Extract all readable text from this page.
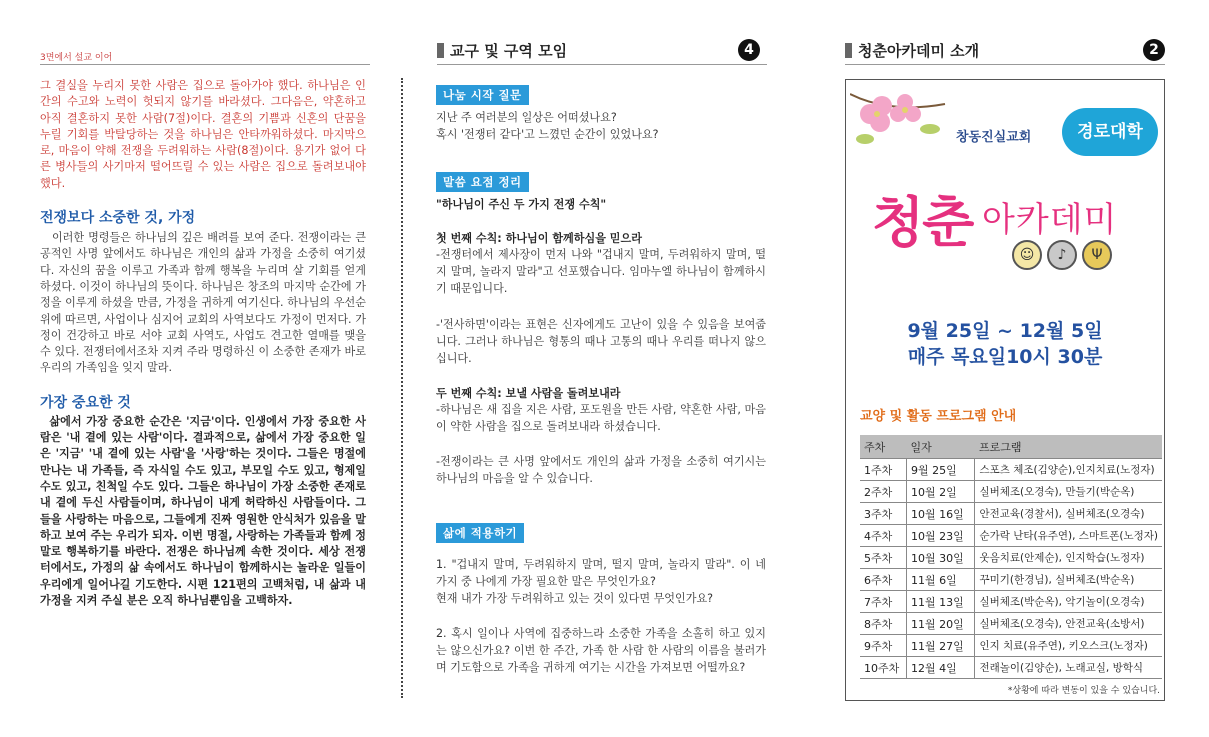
3면에서 설교 이어	교구 및 구역 모임	4	청춘아카데미 소개	2

그 결실을 누리지 못한 사람은 집으로 돌아가야 했다. 하나님은 인간의 수고와 노력이 헛되지 않기를 바라셨다. 그다음은, 약혼하고 아직 결혼하지 못한 사람(7절)이다. 결혼의 기쁨과 신혼의 단꿈을 누릴 기회를 박탈당하는 것을 하나님은 안타까워하셨다. 마지막으로, 마음이 약해 전쟁을 두려워하는 사람(8절)이다. 용기가 없어 다른 병사들의 사기마저 떨어뜨릴 수 있는 사람은 집으로 돌려보내야 했다.

전쟁보다 소중한 것, 가정

이러한 명령들은 하나님의 깊은 배려를 보여 준다. 전쟁이라는 큰 공적인 사명 앞에서도 하나님은 개인의 삶과 가정을 소중히 여기셨다. 자신의 꿈을 이루고 가족과 함께 행복을 누리며 살 기회를 얻게 하셨다. 이것이 하나님의 뜻이다. 하나님은 창조의 마지막 순간에 가정을 이루게 하셨을 만큼, 가정을 귀하게 여기신다. 하나님의 우선순위에 따르면, 사업이나 심지어 교회의 사역보다도 가정이 먼저다. 가정이 건강하고 바로 서야 교회 사역도, 사업도 견고한 열매를 맺을 수 있다. 전쟁터에서조차 지켜 주라 명령하신 이 소중한 존재가 바로 우리의 가족임을 잊지 말라.

가장 중요한 것

삶에서 가장 중요한 순간은 '지금'이다. 인생에서 가장 중요한 사람은 '내 곁에 있는 사람'이다. 결과적으로, 삶에서 가장 중요한 일은 '지금' '내 곁에 있는 사람'을 '사랑'하는 것이다. 그들은 명절에 만나는 내 가족들, 즉 자식일 수도 있고, 부모일 수도 있고, 형제일 수도 있고, 친척일 수도 있다. 그들은 하나님이 가장 소중한 존재로 내 곁에 두신 사람들이며, 하나님이 내게 허락하신 사람들이다. 그들을 사랑하는 마음으로, 그들에게 진짜 영원한 안식처가 있음을 말하고 보여 주는 우리가 되자. 이번 명절, 사랑하는 가족들과 함께 정말로 행복하기를 바란다. 전쟁은 하나님께 속한 것이다. 세상 전쟁터에서도, 가정의 삶 속에서도 하나님이 함께하시는 놀라운 일들이 우리에게 일어나길 기도한다. 시편 121편의 고백처럼, 내 삶과 내 가정을 지켜 주실 분은 오직 하나님뿐임을 고백하자.

나눔 시작 질문

지난 주 여러분의 일상은 어떠셨나요?
혹시 '전쟁터 같다'고 느꼈던 순간이 있었나요?

말씀 요점 정리

"하나님이 주신 두 가지 전쟁 수칙"

첫 번째 수칙: 하나님이 함께하심을 믿으라

-전쟁터에서 제사장이 먼저 나와 "겁내지 말며, 두려워하지 말며, 떨지 말며, 놀라지 말라"고 선포했습니다. 임마누엘 하나님이 함께하시기 때문입니다.

-'전사하면'이라는 표현은 신자에게도 고난이 있을 수 있음을 보여줍니다. 그러나 하나님은 형통의 때나 고통의 때나 우리를 떠나지 않으십니다.

두 번째 수칙: 보낼 사람을 돌려보내라

-하나님은 새 집을 지은 사람, 포도원을 만든 사람, 약혼한 사람, 마음이 약한 사람을 집으로 돌려보내라 하셨습니다.

-전쟁이라는 큰 사명 앞에서도 개인의 삶과 가정을 소중히 여기시는 하나님의 마음을 알 수 있습니다.

삶에 적용하기

1. "겁내지 말며, 두려워하지 말며, 떨지 말며, 놀라지 말라". 이 네 가지 중 나에게 가장 필요한 말은 무엇인가요?
현재 내가 가장 두려워하고 있는 것이 있다면 무엇인가요?

2. 혹시 일이나 사역에 집중하느라 소중한 가족을 소홀히 하고 있지는 않으신가요? 이번 한 주간, 가족 한 사람 한 사람의 이름을 불러가며 기도함으로 가족을 귀하게 여기는 시간을 가져보면 어떨까요?

창동진실교회	경로대학
청춘 아카데미
☺	♪	Ψ
9월 25일 ~ 12월 5일
매주 목요일10시 30분
교양 및 활동 프로그램 안내
주차	일자	프로그램
1주차	9월 25일	스포츠 체조(김양순),인지치료(노정자)
2주차	10월 2일	실버체조(오경숙), 만들기(박순옥)
3주차	10월 16일	안전교육(경찰서), 실버체조(오경숙)
4주차	10월 23일	순가락 난타(유주연), 스마트폰(노정자)
5주차	10월 30일	웃음치료(안제순), 인지학습(노정자)
6주차	11월 6일	꾸미기(한경님), 실버체조(박순옥)
7주차	11월 13일	실버체조(박순옥), 악기놀이(오경숙)
8주차	11월 20일	실버체조(오경숙), 안전교육(소방서)
9주차	11월 27일	인지 치료(유주연), 키오스크(노정자)
10주차	12월 4일	전래놀이(김양순), 노래교실, 방학식
*상황에 따라 변동이 있을 수 있습니다.
